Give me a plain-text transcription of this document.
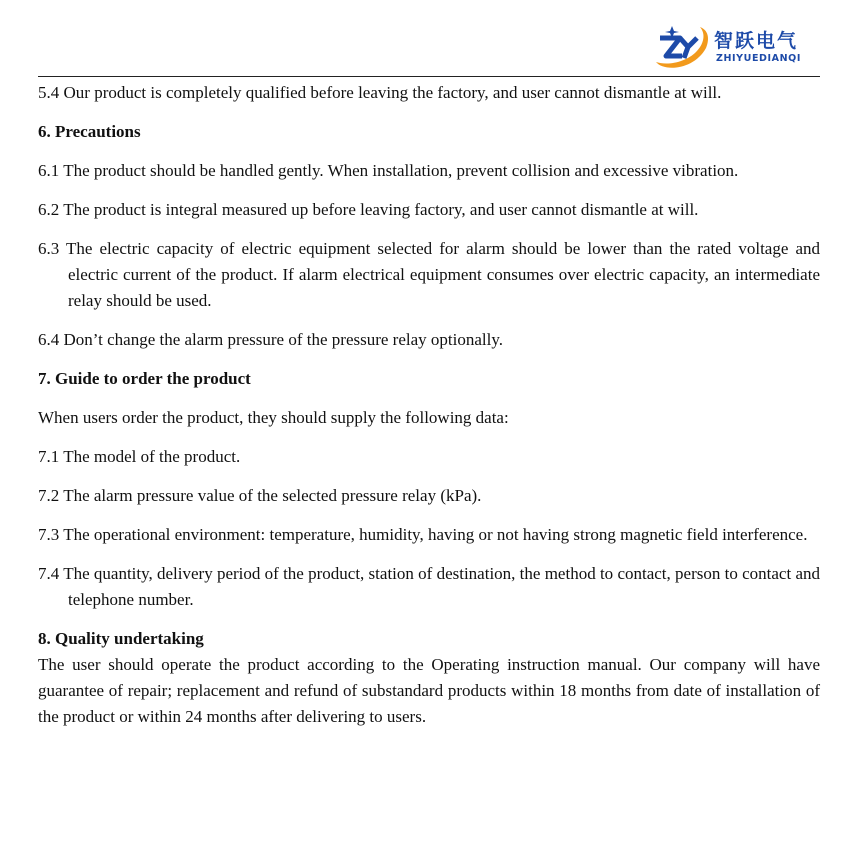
智跃电气
ZHIYUEDIANQI

5.4 Our product is completely qualified before leaving the factory, and user cannot dismantle at will.

6. Precautions

6.1 The product should be handled gently. When installation, prevent collision and excessive vibration.

6.2 The product is integral measured up before leaving factory, and user cannot dismantle at will.

6.3 The electric capacity of electric equipment selected for alarm should be lower than the rated voltage and electric current of the product. If alarm electrical equipment consumes over electric capacity, an intermediate relay should be used.

6.4 Don’t change the alarm pressure of the pressure relay optionally.

7. Guide to order the product

When users order the product, they should supply the following data:

7.1 The model of the product.

7.2 The alarm pressure value of the selected pressure relay (kPa).

7.3 The operational environment: temperature, humidity, having or not having strong magnetic field interference.

7.4 The quantity, delivery period of the product, station of destination, the method to contact, person to contact and telephone number.

8. Quality undertaking

The user should operate the product according to the Operating instruction manual. Our company will have guarantee of repair; replacement and refund of substandard products within 18 months from date of installation of the product or within 24 months after delivering to users.
